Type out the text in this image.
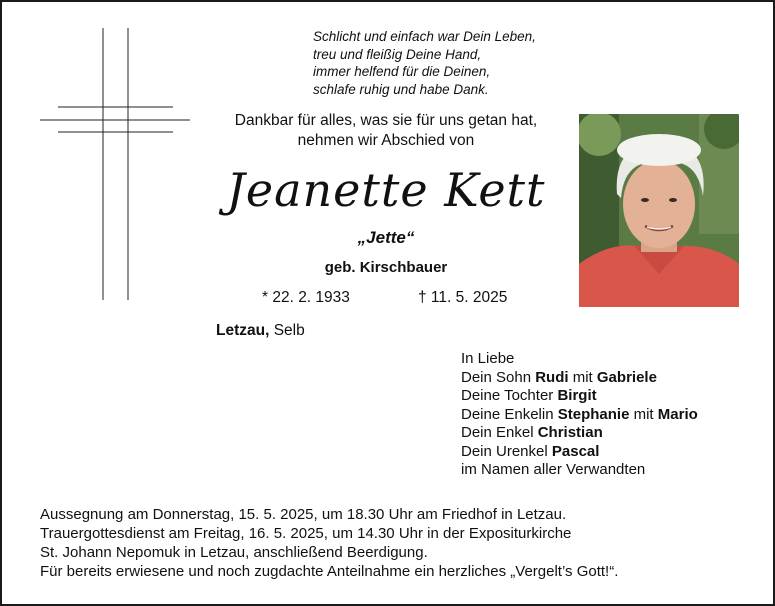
Schlicht und einfach war Dein Leben,
treu und fleißig Deine Hand,
immer helfend für die Deinen,
schlafe ruhig und habe Dank.
Dankbar für alles, was sie für uns getan hat,
nehmen wir Abschied von
Jeanette Kett
„Jette“
geb. Kirschbauer
* 22. 2. 1933	† 11. 5. 2025
Letzau, Selb
In Liebe
Dein Sohn Rudi mit Gabriele
Deine Tochter Birgit
Deine Enkelin Stephanie mit Mario
Dein Enkel Christian
Dein Urenkel Pascal
im Namen aller Verwandten
Aussegnung am Donnerstag, 15. 5. 2025, um 18.30 Uhr am Friedhof in Letzau.
Trauergottesdienst am Freitag, 16. 5. 2025, um 14.30 Uhr in der Expositurkirche
St. Johann Nepomuk in Letzau, anschließend Beerdigung.
Für bereits erwiesene und noch zugdachte Anteilnahme ein herzliches „Vergelt’s Gott!“.
